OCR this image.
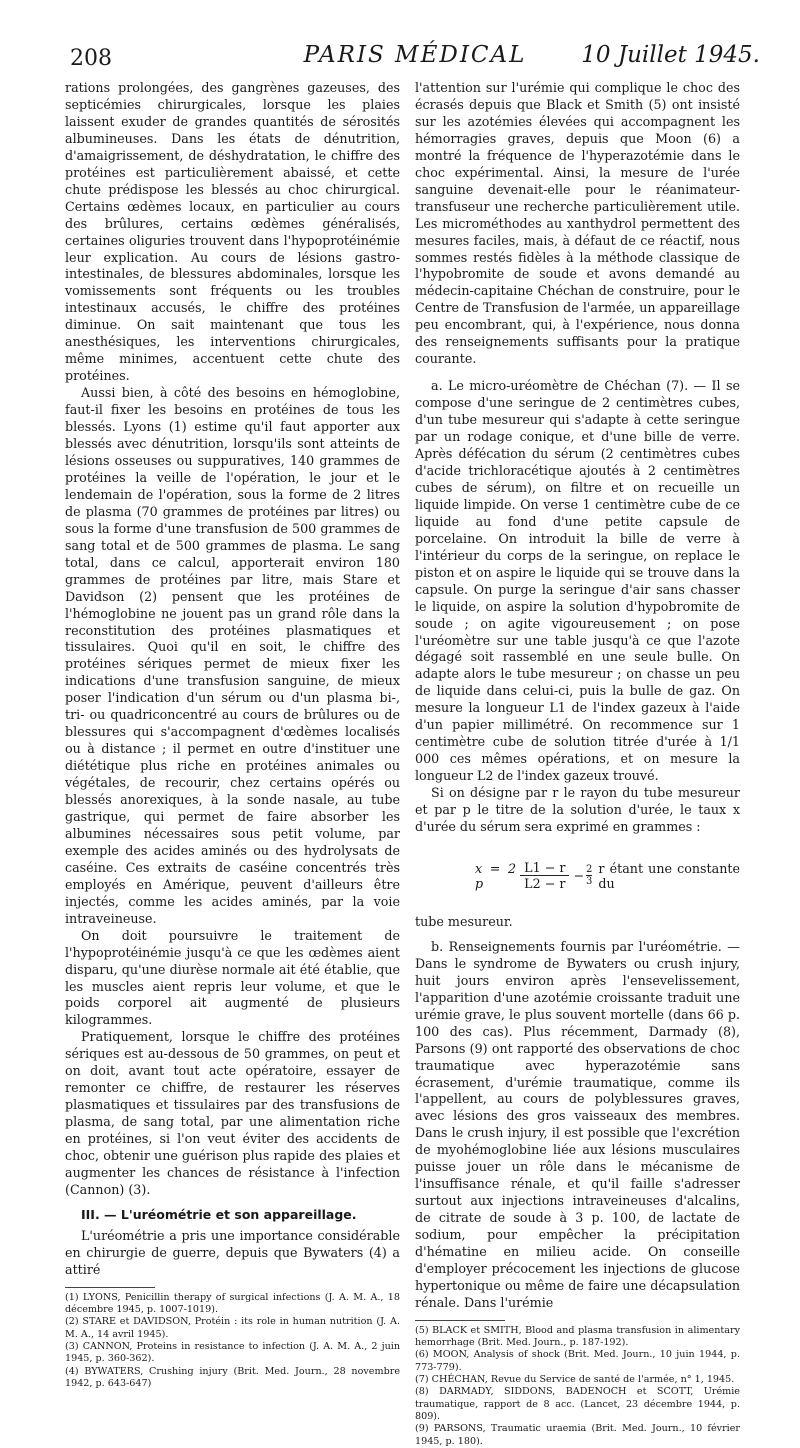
208	PARIS MÉDICAL	10 Juillet 1945.

rations prolongées, des gangrènes gazeuses, des septicémies chirurgicales, lorsque les plaies laissent exuder de grandes quantités de sérosités albumineuses. Dans les états de dénutrition, d'amaigrissement, de déshydratation, le chiffre des protéines est particulièrement abaissé, et cette chute prédispose les blessés au choc chirurgical. Certains œdèmes locaux, en particulier au cours des brûlures, certains œdèmes généralisés, certaines oliguries trouvent dans l'hypoprotéinémie leur explication. Au cours de lésions gastro-intestinales, de blessures abdominales, lorsque les vomissements sont fréquents ou les troubles intestinaux accusés, le chiffre des protéines diminue. On sait maintenant que tous les anesthésiques, les interventions chirurgicales, même minimes, accentuent cette chute des protéines.

Aussi bien, à côté des besoins en hémoglobine, faut-il fixer les besoins en protéines de tous les blessés. Lyons (1) estime qu'il faut apporter aux blessés avec dénutrition, lorsqu'ils sont atteints de lésions osseuses ou suppuratives, 140 grammes de protéines la veille de l'opération, le jour et le lendemain de l'opération, sous la forme de 2 litres de plasma (70 grammes de protéines par litres) ou sous la forme d'une transfusion de 500 grammes de sang total et de 500 grammes de plasma. Le sang total, dans ce calcul, apporterait environ 180 grammes de protéines par litre, mais Stare et Davidson (2) pensent que les protéines de l'hémoglobine ne jouent pas un grand rôle dans la reconstitution des protéines plasmatiques et tissulaires. Quoi qu'il en soit, le chiffre des protéines sériques permet de mieux fixer les indications d'une transfusion sanguine, de mieux poser l'indication d'un sérum ou d'un plasma bi-, tri- ou quadriconcentré au cours de brûlures ou de blessures qui s'accompagnent d'œdèmes localisés ou à distance ; il permet en outre d'instituer une diététique plus riche en protéines animales ou végétales, de recourir, chez certains opérés ou blessés anorexiques, à la sonde nasale, au tube gastrique, qui permet de faire absorber les albumines nécessaires sous petit volume, par exemple des acides aminés ou des hydrolysats de caséine. Ces extraits de caséine concentrés très employés en Amérique, peuvent d'ailleurs être injectés, comme les acides aminés, par la voie intraveineuse.

On doit poursuivre le traitement de l'hypoprotéinémie jusqu'à ce que les œdèmes aient disparu, qu'une diurèse normale ait été établie, que les muscles aient repris leur volume, et que le poids corporel ait augmenté de plusieurs kilogrammes.

Pratiquement, lorsque le chiffre des protéines sériques est au-dessous de 50 grammes, on peut et on doit, avant tout acte opératoire, essayer de remonter ce chiffre, de restaurer les réserves plasmatiques et tissulaires par des transfusions de plasma, de sang total, par une alimentation riche en protéines, si l'on veut éviter des accidents de choc, obtenir une guérison plus rapide des plaies et augmenter les chances de résistance à l'infection (Cannon) (3).

III. — L'uréométrie et son appareillage.

L'uréométrie a pris une importance considérable en chirurgie de guerre, depuis que Bywaters (4) a attiré

(1) LYONS, Penicillin therapy of surgical infections (J. A. M. A., 18 décembre 1945, p. 1007-1019).

(2) STARE et DAVIDSON, Protéin : its role in human nutrition (J. A. M. A., 14 avril 1945).

(3) CANNON, Proteins in resistance to infection (J. A. M. A., 2 juin 1945, p. 360-362).

(4) BYWATERS, Crushing injury (Brit. Med. Journ., 28 novembre 1942, p. 643-647)

l'attention sur l'urémie qui complique le choc des écrasés depuis que Black et Smith (5) ont insisté sur les azotémies élevées qui accompagnent les hémorragies graves, depuis que Moon (6) a montré la fréquence de l'hyperazotémie dans le choc expérimental. Ainsi, la mesure de l'urée sanguine devenait-elle pour le réanimateur-transfuseur une recherche particulièrement utile. Les microméthodes au xanthydrol permettent des mesures faciles, mais, à défaut de ce réactif, nous sommes restés fidèles à la méthode classique de l'hypobromite de soude et avons demandé au médecin-capitaine Chéchan de construire, pour le Centre de Transfusion de l'armée, un appareillage peu encombrant, qui, à l'expérience, nous donna des renseignements suffisants pour la pratique courante.

a. Le micro-uréomètre de Chéchan (7). — Il se compose d'une seringue de 2 centimètres cubes, d'un tube mesureur qui s'adapte à cette seringue par un rodage conique, et d'une bille de verre. Après défécation du sérum (2 centimètres cubes d'acide trichloracétique ajoutés à 2 centimètres cubes de sérum), on filtre et on recueille un liquide limpide. On verse 1 centimètre cube de ce liquide au fond d'une petite capsule de porcelaine. On introduit la bille de verre à l'intérieur du corps de la seringue, on replace le piston et on aspire le liquide qui se trouve dans la capsule. On purge la seringue d'air sans chasser le liquide, on aspire la solution d'hypobromite de soude ; on agite vigoureusement ; on pose l'uréomètre sur une table jusqu'à ce que l'azote dégagé soit rassemblé en une seule bulle. On adapte alors le tube mesureur ; on chasse un peu de liquide dans celui-ci, puis la bulle de gaz. On mesure la longueur L1 de l'index gazeux à l'aide d'un papier millimétré. On recommence sur 1 centimètre cube de solution titrée d'urée à 1/1 000 ces mêmes opérations, et on mesure la longueur L2 de l'index gazeux trouvé.

Si on désigne par r le rayon du tube mesureur et par p le titre de la solution d'urée, le taux x d'urée du sérum sera exprimé en grammes :

x = 2 p	$\frac{L1 - r}{L2 - r} - 2$
3
r étant une constante du

tube mesureur.

b. Renseignements fournis par l'uréométrie. — Dans le syndrome de Bywaters ou crush injury, huit jours environ après l'ensevelissement, l'apparition d'une azotémie croissante traduit une urémie grave, le plus souvent mortelle (dans 66 p. 100 des cas). Plus récemment, Darmady (8), Parsons (9) ont rapporté des observations de choc traumatique avec hyperazotémie sans écrasement, d'urémie traumatique, comme ils l'appellent, au cours de polyblessures graves, avec lésions des gros vaisseaux des membres. Dans le crush injury, il est possible que l'excrétion de myohémoglobine liée aux lésions musculaires puisse jouer un rôle dans le mécanisme de l'insuffisance rénale, et qu'il faille s'adresser surtout aux injections intraveineuses d'alcalins, de citrate de soude à 3 p. 100, de lactate de sodium, pour empêcher la précipitation d'hématine en milieu acide. On conseille d'employer précocement les injections de glucose hypertonique ou même de faire une décapsulation rénale. Dans l'urémie

(5) BLACK et SMITH, Blood and plasma transfusion in alimentary hemorrhage (Brit. Med. Journ., p. 187-192).

(6) MOON, Analysis of shock (Brit. Med. Journ., 10 juin 1944, p. 773-779).

(7) CHÉCHAN, Revue du Service de santé de l'armée, n° 1, 1945.

(8) DARMADY, SIDDONS, BADENOCH et SCOTT, Urémie traumatique, rapport de 8 acc. (Lancet, 23 décembre 1944, p. 809).

(9) PARSONS, Traumatic uraemia (Brit. Med. Journ., 10 février 1945, p. 180).
